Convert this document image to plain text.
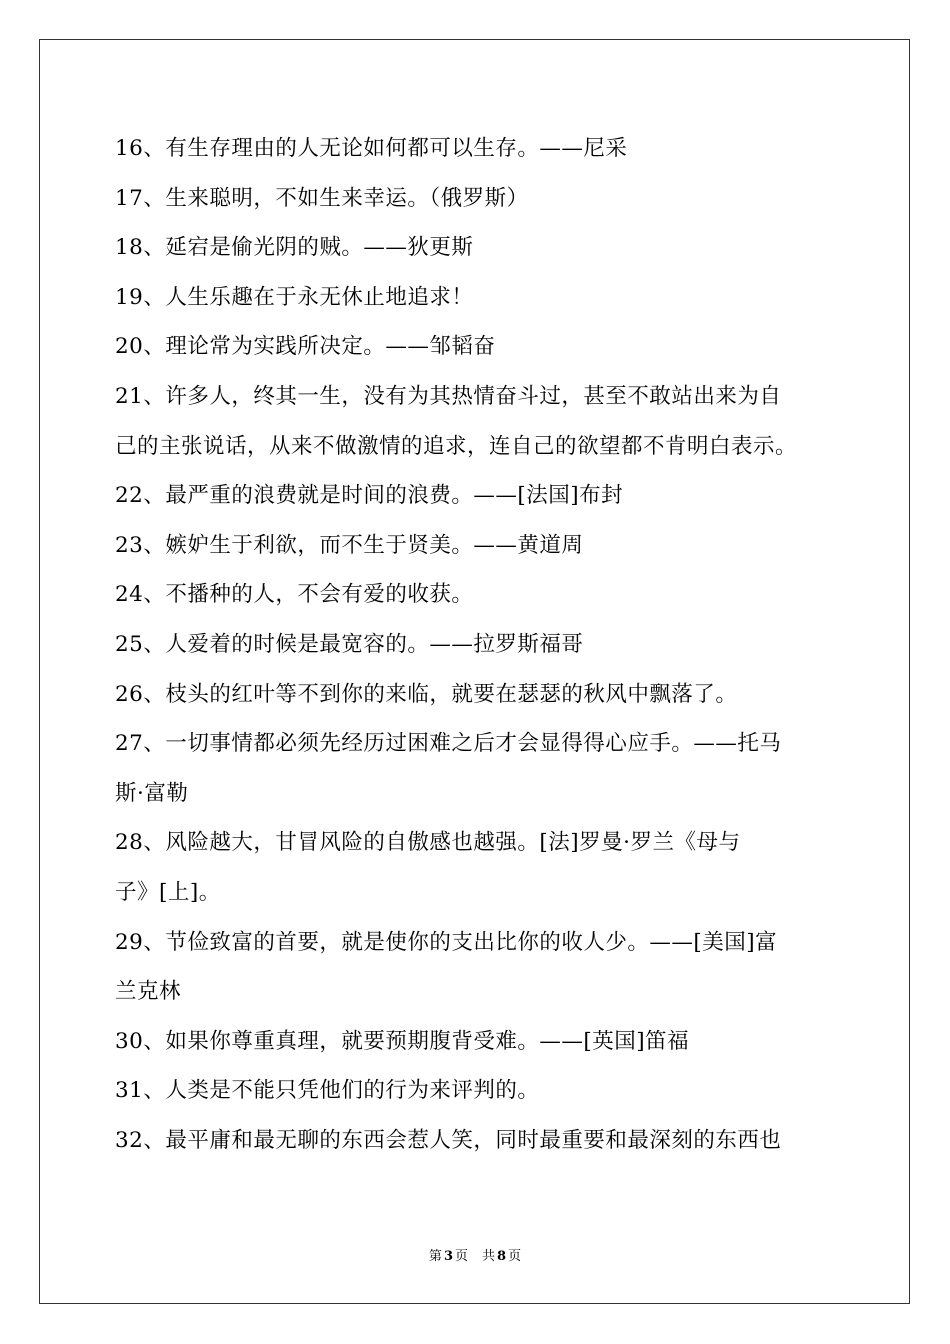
16、有生存理由的人无论如何都可以生存。——尼采
17、生来聪明，不如生来幸运。（俄罗斯）
18、延宕是偷光阴的贼。——狄更斯
19、人生乐趣在于永无休止地追求！
20、理论常为实践所决定。——邹韬奋
21、许多人，终其一生，没有为其热情奋斗过，甚至不敢站出来为自
己的主张说话，从来不做激情的追求，连自己的欲望都不肯明白表示。
22、最严重的浪费就是时间的浪费。——[法国]布封
23、嫉妒生于利欲，而不生于贤美。——黄道周
24、不播种的人，不会有爱的收获。
25、人爱着的时候是最宽容的。——拉罗斯福哥
26、枝头的红叶等不到你的来临，就要在瑟瑟的秋风中飘落了。
27、一切事情都必须先经历过困难之后才会显得得心应手。——托马
斯·富勒
28、风险越大，甘冒风险的自傲感也越强。[法]罗曼·罗兰《母与
子》[上]。
29、节俭致富的首要，就是使你的支出比你的收人少。——[美国]富
兰克林
30、如果你尊重真理，就要预期腹背受难。——[英国]笛福
31、人类是不能只凭他们的行为来评判的。
32、最平庸和最无聊的东西会惹人笑，同时最重要和最深刻的东西也
第 3 页 共 8 页
